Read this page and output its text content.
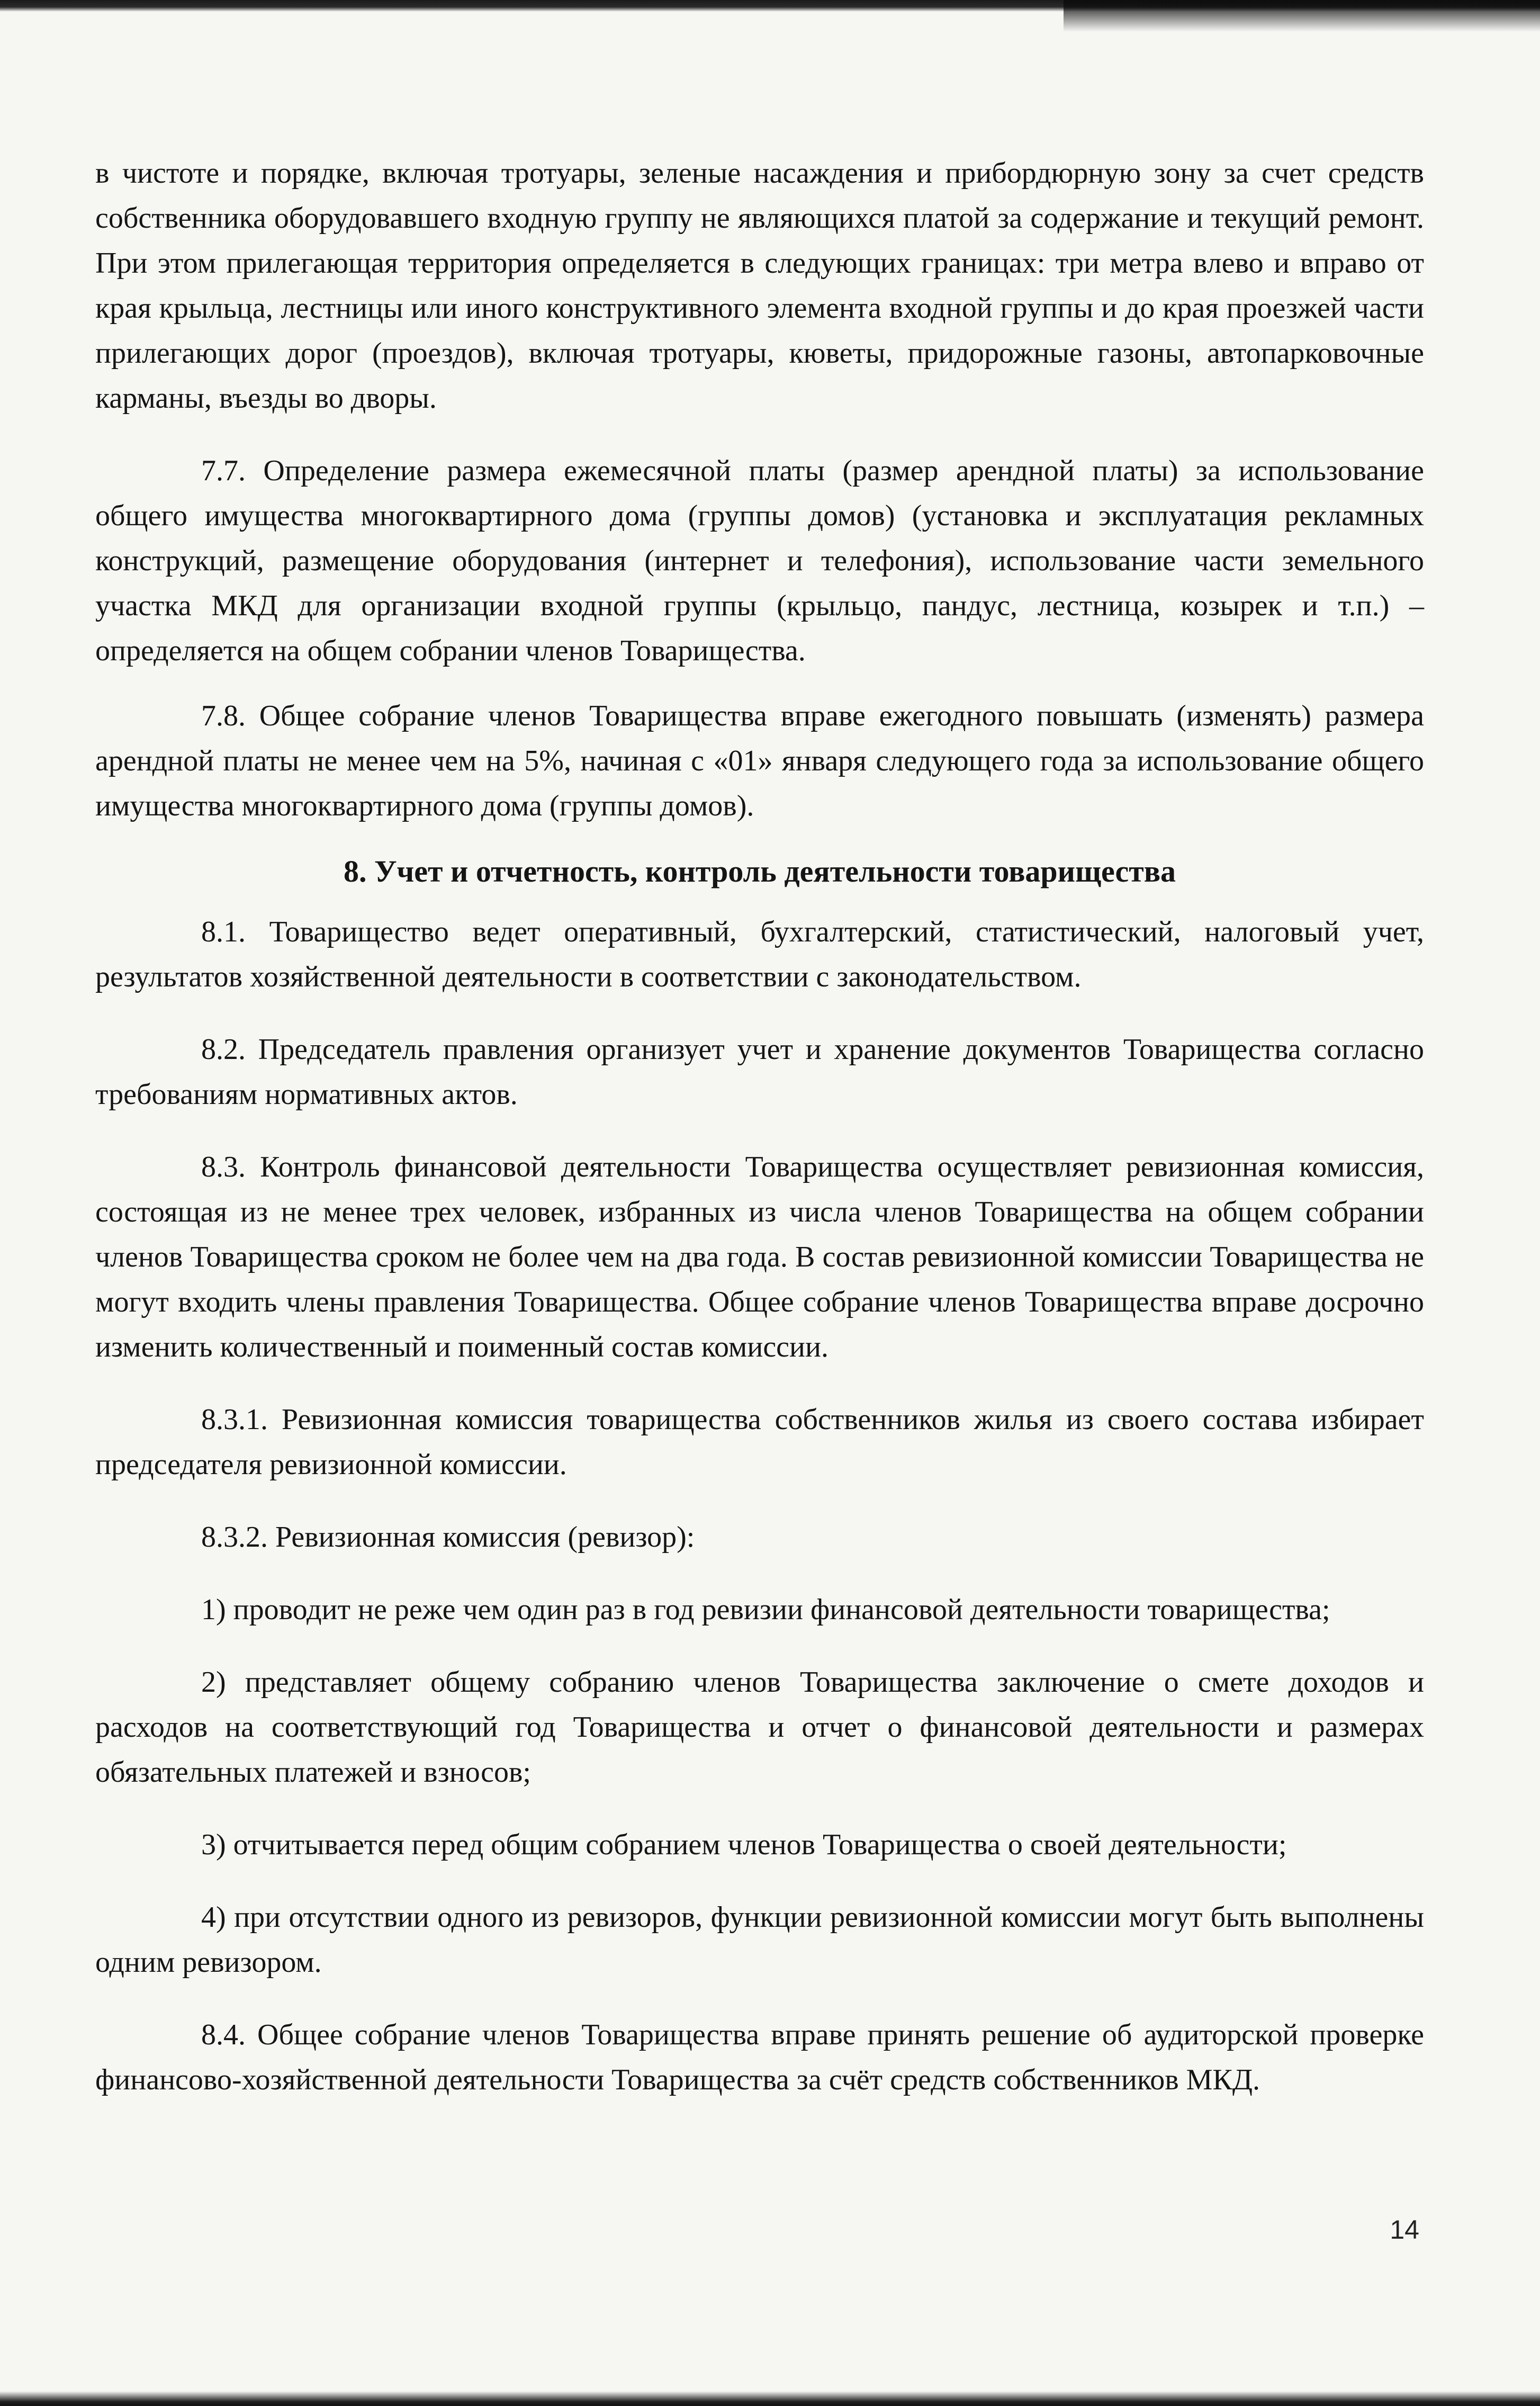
в чистоте и порядке, включая тротуары, зеленые насаждения и прибордюрную зону за счет средств собственника оборудовавшего входную группу не являющихся платой за содержание и текущий ремонт. При этом прилегающая территория определяется в следующих границах: три метра влево и вправо от края крыльца, лестницы или иного конструктивного элемента входной группы и до края проезжей части прилегающих дорог (проездов), включая тротуары, кюветы, придорожные газоны, автопарковочные карманы, въезды во дворы.

7.7. Определение размера ежемесячной платы (размер арендной платы) за использование общего имущества многоквартирного дома (группы домов) (установка и эксплуатация рекламных конструкций, размещение оборудования (интернет и телефония), использование части земельного участка МКД для организации входной группы (крыльцо, пандус, лестница, козырек и т.п.) – определяется на общем собрании членов Товарищества.

7.8. Общее собрание членов Товарищества вправе ежегодного повышать (изменять) размера арендной платы не менее чем на 5%, начиная с «01» января следующего года за использование общего имущества многоквартирного дома (группы домов).

8. Учет и отчетность, контроль деятельности товарищества

8.1. Товарищество ведет оперативный, бухгалтерский, статистический, налоговый учет, результатов хозяйственной деятельности в соответствии с законодательством.

8.2. Председатель правления организует учет и хранение документов Товарищества согласно требованиям нормативных актов.

8.3. Контроль финансовой деятельности Товарищества осуществляет ревизионная комиссия, состоящая из не менее трех человек, избранных из числа членов Товарищества на общем собрании членов Товарищества сроком не более чем на два года. В состав ревизионной комиссии Товарищества не могут входить члены правления Товарищества. Общее собрание членов Товарищества вправе досрочно изменить количественный и поименный состав комиссии.

8.3.1. Ревизионная комиссия товарищества собственников жилья из своего состава избирает председателя ревизионной комиссии.

8.3.2. Ревизионная комиссия (ревизор):

1) проводит не реже чем один раз в год ревизии финансовой деятельности товарищества;

2) представляет общему собранию членов Товарищества заключение о смете доходов и расходов на соответствующий год Товарищества и отчет о финансовой деятельности и размерах обязательных платежей и взносов;

3) отчитывается перед общим собранием членов Товарищества о своей деятельности;

4) при отсутствии одного из ревизоров, функции ревизионной комиссии могут быть выполнены одним ревизором.

8.4. Общее собрание членов Товарищества вправе принять решение об аудиторской проверке финансово-хозяйственной деятельности Товарищества за счёт средств собственников МКД.

14
